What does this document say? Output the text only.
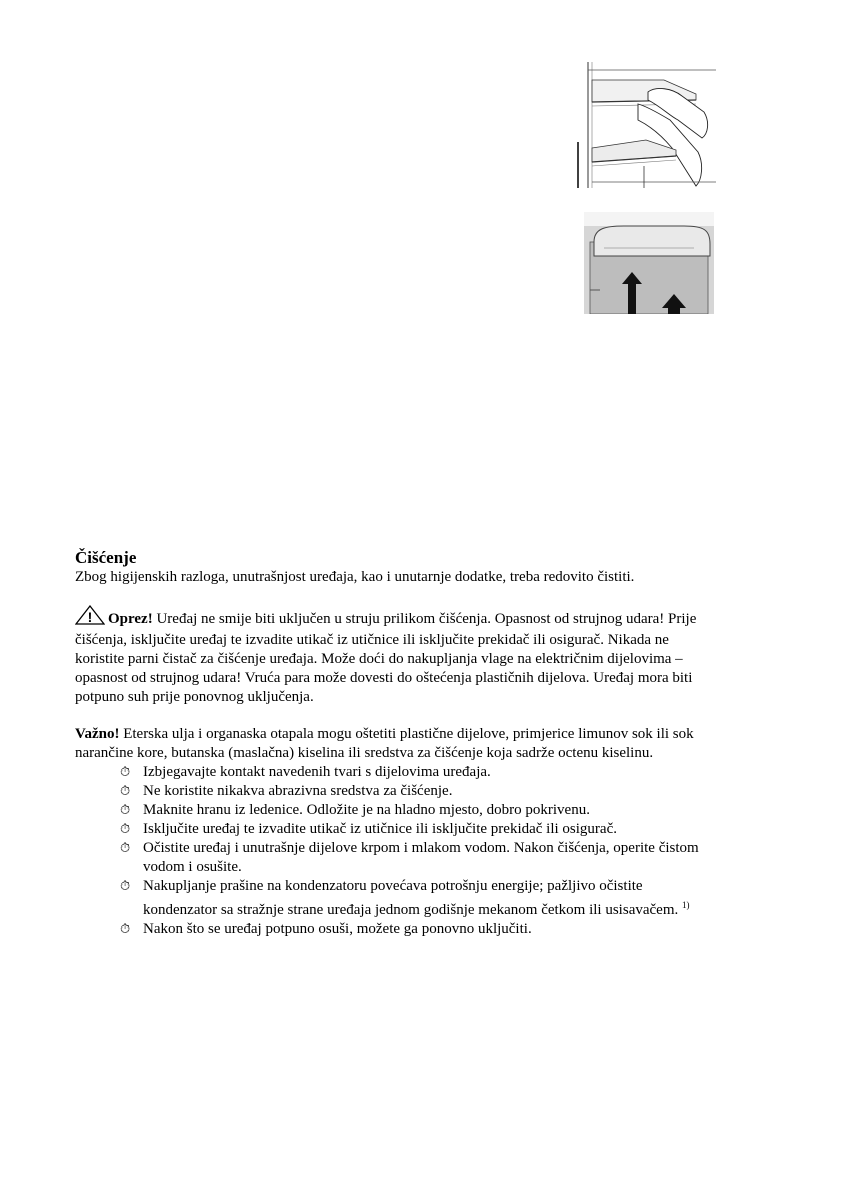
Čišćenje

Zbog higijenskih razloga, unutrašnjost uređaja, kao i unutarnje dodatke, treba redovito čistiti.

! Oprez! Uređaj ne smije biti uključen u struju prilikom čišćenja. Opasnost od strujnog udara! Prije čišćenja, isključite uređaj te izvadite utikač iz utičnice ili isključite prekidač ili osigurač. Nikada ne koristite parni čistač za čišćenje uređaja. Može doći do nakupljanja vlage na električnim dijelovima – opasnost od strujnog udara! Vruća para može dovesti do oštećenja plastičnih dijelova. Uređaj mora biti potpuno suh prije ponovnog uključenja.

Važno! Eterska ulja i organaska otapala mogu oštetiti plastične dijelove, primjerice limunov sok ili sok narančine kore, butanska (maslačna) kiselina ili sredstva za čišćenje koja sadrže octenu kiselinu.

⏱ Izbjegavajte kontakt navedenih tvari s dijelovima uređaja.
⏱ Ne koristite nikakva abrazivna sredstva za čišćenje.
⏱ Maknite hranu iz ledenice. Odložite je na hladno mjesto, dobro pokrivenu.
⏱ Isključite uređaj te izvadite utikač iz utičnice ili isključite prekidač ili osigurač.
⏱ Očistite uređaj i unutrašnje dijelove krpom i mlakom vodom. Nakon čišćenja, operite čistom vodom i osušite.
⏱ Nakupljanje prašine na kondenzatoru povećava potrošnju energije; pažljivo očistite kondenzator sa stražnje strane uređaja jednom godišnje mekanom četkom ili usisavačem. $^{1)}$
⏱ Nakon što se uređaj potpuno osuši, možete ga ponovno uključiti.
